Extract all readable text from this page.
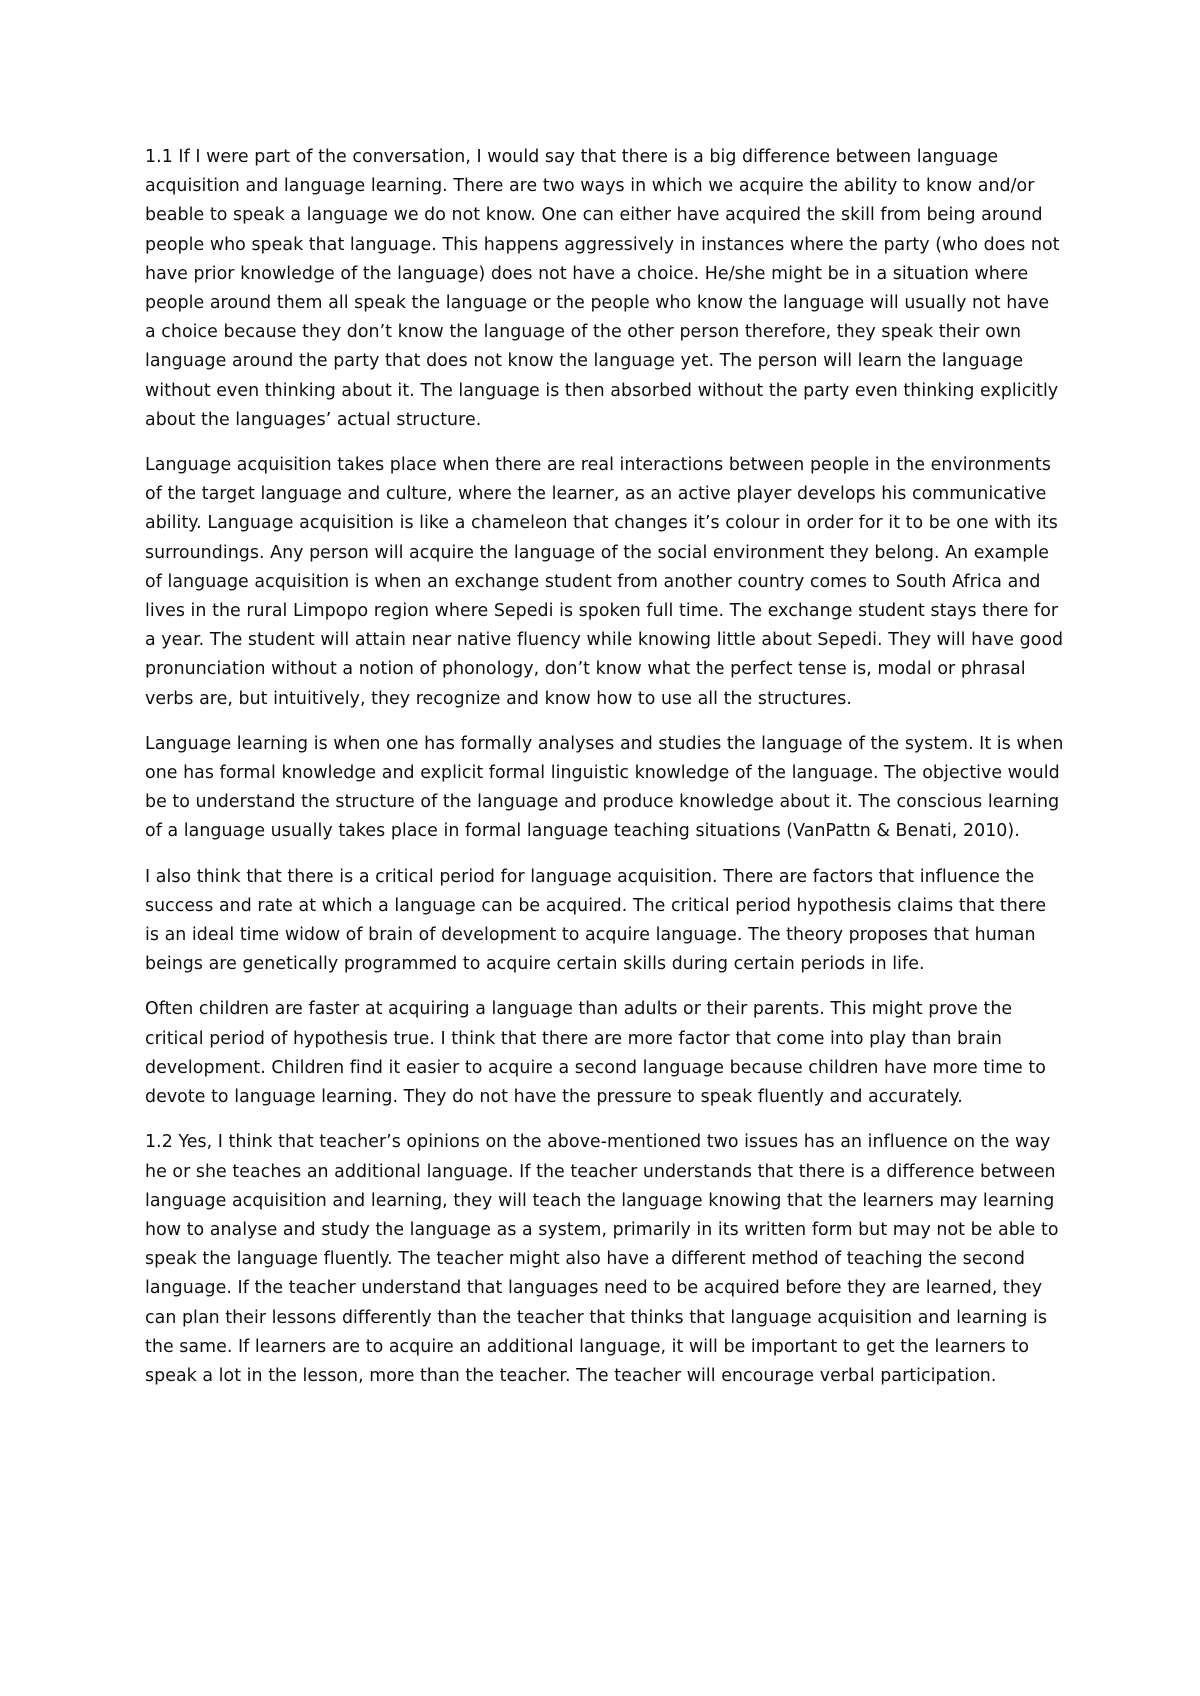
1.1 If I were part of the conversation, I would say that there is a big difference between language acquisition and language learning. There are two ways in which we acquire the ability to know and/or beable to speak a language we do not know. One can either have acquired the skill from being around people who speak that language. This happens aggressively in instances where the party (who does not have prior knowledge of the language) does not have a choice. He/she might be in a situation where people around them all speak the language or the people who know the language will usually not have a choice because they don’t know the language of the other person therefore, they speak their own language around the party that does not know the language yet. The person will learn the language without even thinking about it. The language is then absorbed without the party even thinking explicitly about the languages’ actual structure.

Language acquisition takes place when there are real interactions between people in the environments of the target language and culture, where the learner, as an active player develops his communicative ability. Language acquisition is like a chameleon that changes it’s colour in order for it to be one with its surroundings. Any person will acquire the language of the social environment they belong. An example of language acquisition is when an exchange student from another country comes to South Africa and lives in the rural Limpopo region where Sepedi is spoken full time. The exchange student stays there for a year. The student will attain near native fluency while knowing little about Sepedi. They will have good pronunciation without a notion of phonology, don’t know what the perfect tense is, modal or phrasal verbs are, but intuitively, they recognize and know how to use all the structures.

Language learning is when one has formally analyses and studies the language of the system. It is when one has formal knowledge and explicit formal linguistic knowledge of the language. The objective would be to understand the structure of the language and produce knowledge about it. The conscious learning of a language usually takes place in formal language teaching situations (VanPattn & Benati, 2010).

I also think that there is a critical period for language acquisition. There are factors that influence the success and rate at which a language can be acquired. The critical period hypothesis claims that there is an ideal time widow of brain of development to acquire language. The theory proposes that human beings are genetically programmed to acquire certain skills during certain periods in life.

Often children are faster at acquiring a language than adults or their parents. This might prove the critical period of hypothesis true. I think that there are more factor that come into play than brain development. Children find it easier to acquire a second language because children have more time to devote to language learning. They do not have the pressure to speak fluently and accurately.

1.2 Yes, I think that teacher’s opinions on the above-mentioned two issues has an influence on the way he or she teaches an additional language. If the teacher understands that there is a difference between language acquisition and learning, they will teach the language knowing that the learners may learning how to analyse and study the language as a system, primarily in its written form but may not be able to speak the language fluently. The teacher might also have a different method of teaching the second language. If the teacher understand that languages need to be acquired before they are learned, they can plan their lessons differently than the teacher that thinks that language acquisition and learning is the same. If learners are to acquire an additional language, it will be important to get the learners to speak a lot in the lesson, more than the teacher. The teacher will encourage verbal participation.
